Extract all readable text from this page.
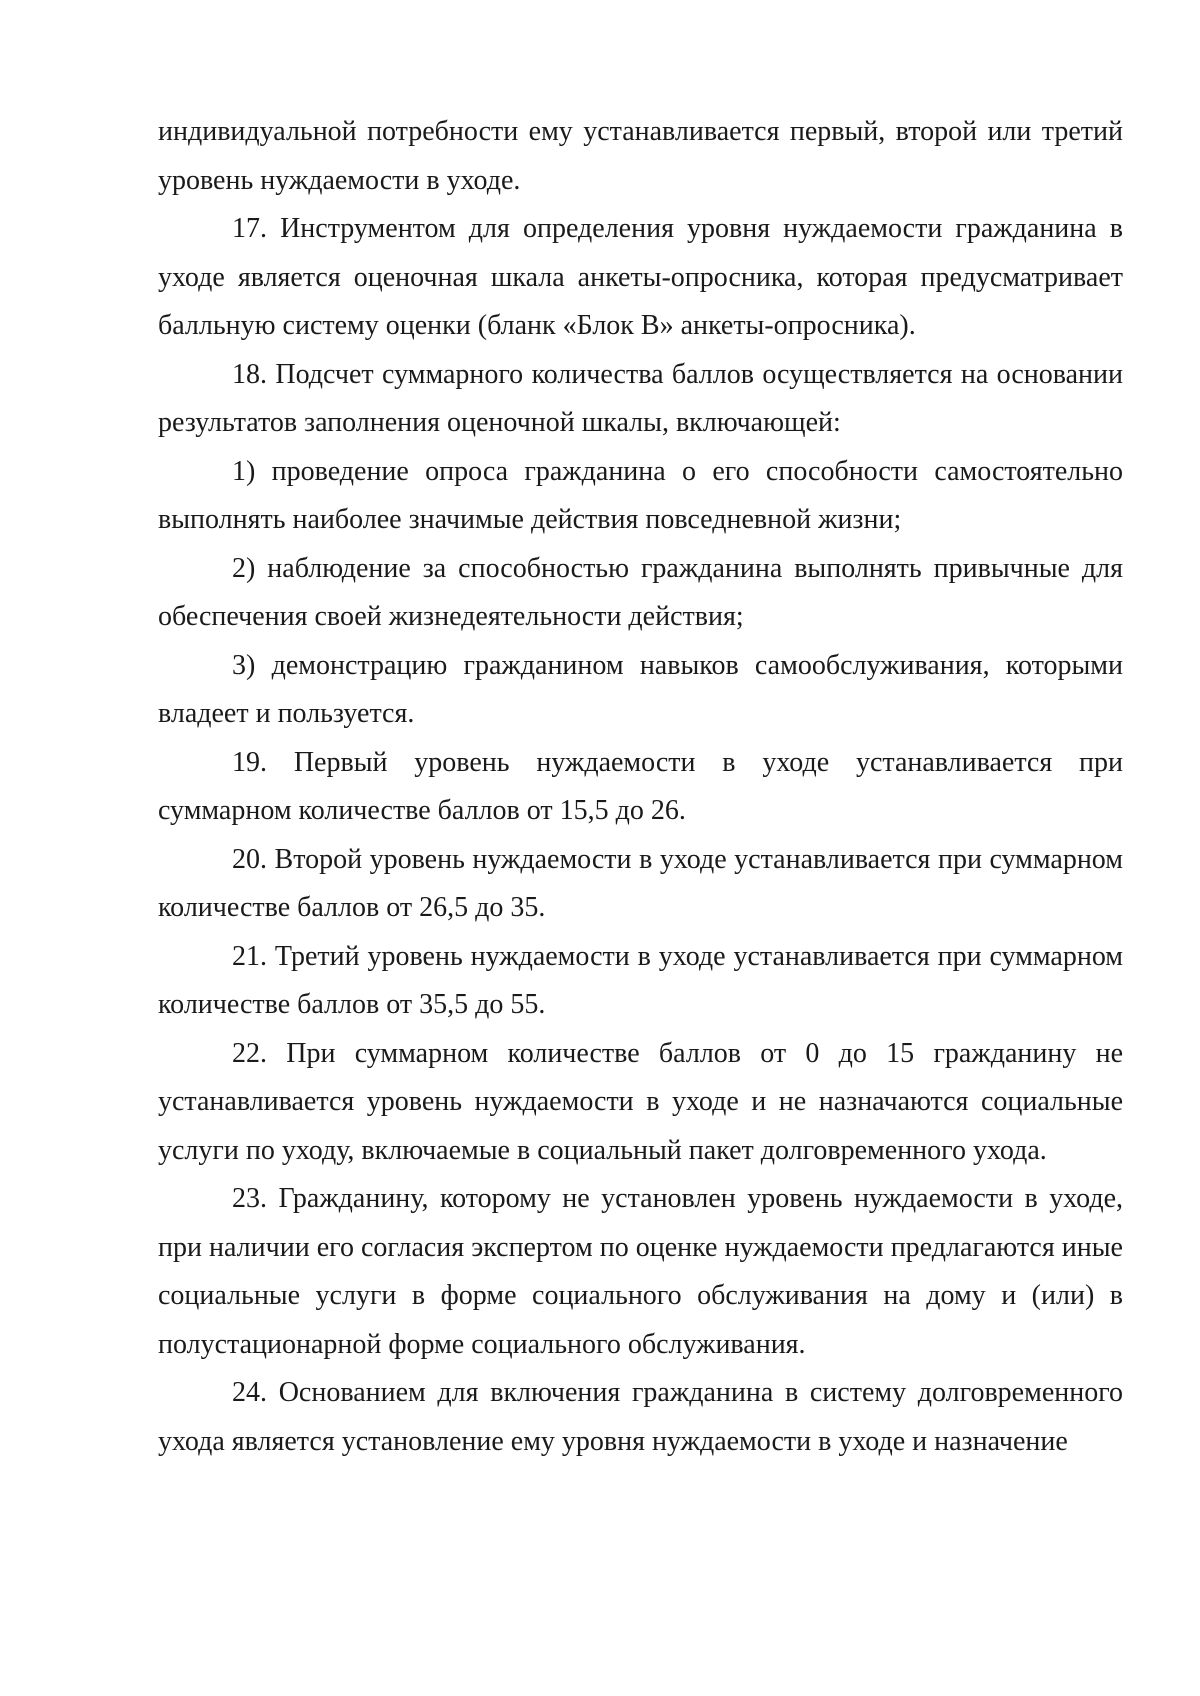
индивидуальной потребности ему устанавливается первый, второй или третий уровень нуждаемости в уходе.

17. Инструментом для определения уровня нуждаемости гражданина в уходе является оценочная шкала анкеты-опросника, которая предусматривает балльную систему оценки (бланк «Блок В» анкеты-опросника).

18. Подсчет суммарного количества баллов осуществляется на основании результатов заполнения оценочной шкалы, включающей:

1) проведение опроса гражданина о его способности самостоятельно выполнять наиболее значимые действия повседневной жизни;

2) наблюдение за способностью гражданина выполнять привычные для обеспечения своей жизнедеятельности действия;

3) демонстрацию гражданином навыков самообслуживания, которыми владеет и пользуется.

19. Первый уровень нуждаемости в уходе устанавливается при суммарном количестве баллов от 15,5 до 26.

20. Второй уровень нуждаемости в уходе устанавливается при суммарном количестве баллов от 26,5 до 35.

21. Третий уровень нуждаемости в уходе устанавливается при суммарном количестве баллов от 35,5 до 55.

22. При суммарном количестве баллов от 0 до 15 гражданину не устанавливается уровень нуждаемости в уходе и не назначаются социальные услуги по уходу, включаемые в социальный пакет долговременного ухода.

23. Гражданину, которому не установлен уровень нуждаемости в уходе, при наличии его согласия экспертом по оценке нуждаемости предлагаются иные социальные услуги в форме социального обслуживания на дому и (или) в полустационарной форме социального обслуживания.

24. Основанием для включения гражданина в систему долговременного ухода является установление ему уровня нуждаемости в уходе и назначение
